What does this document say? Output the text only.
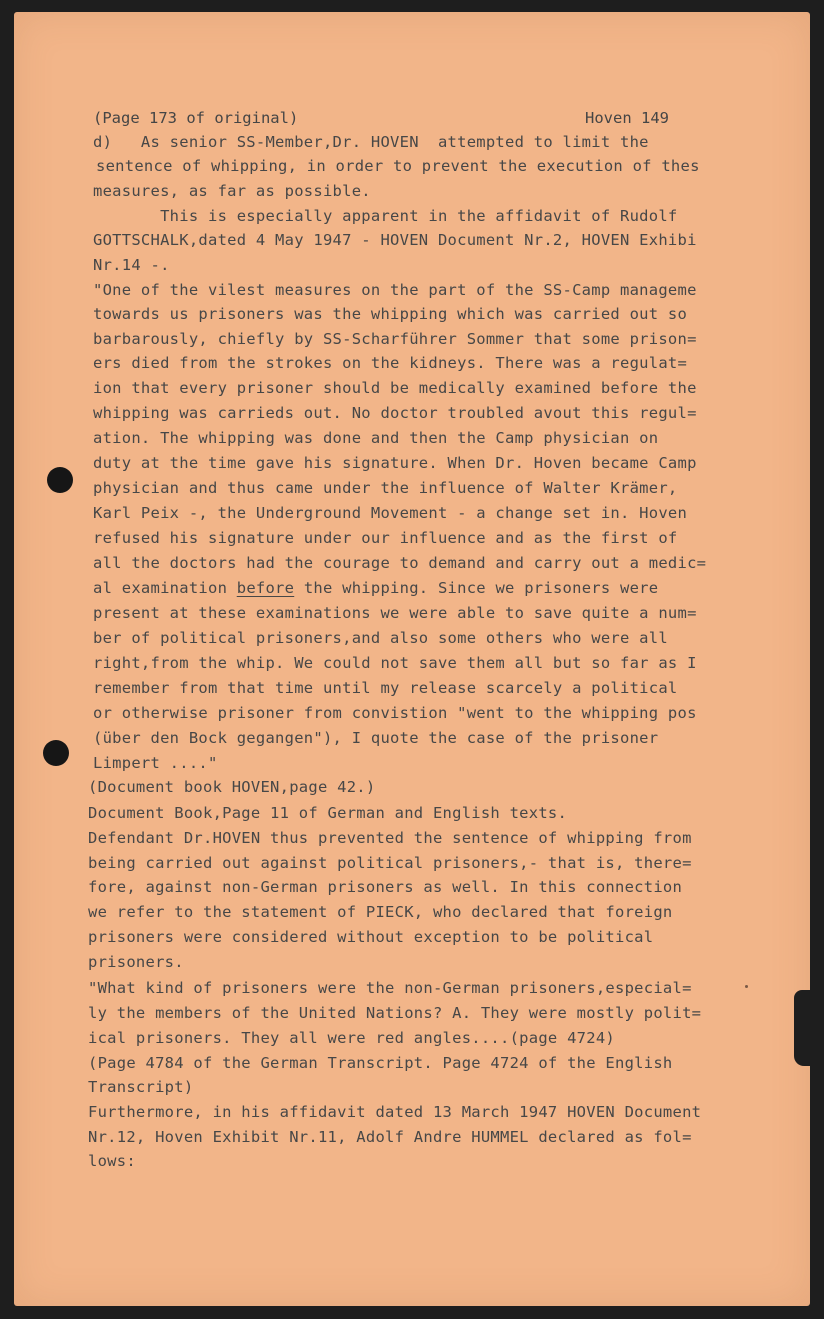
(Page 173 of original)	Hoven 149
d)   As senior SS-Member,Dr. HOVEN  attempted to limit the
sentence of whipping, in order to prevent the execution of thes
measures, as far as possible.
This is especially apparent in the affidavit of Rudolf
GOTTSCHALK,dated 4 May 1947 - HOVEN Document Nr.2, HOVEN Exhibi
Nr.14 -.
"One of the vilest measures on the part of the SS-Camp manageme
towards us prisoners was the whipping which was carried out so
barbarously, chiefly by SS-Scharführer Sommer that some prison=
ers died from the strokes on the kidneys. There was a regulat=
ion that every prisoner should be medically examined before the
whipping was carrieds out. No doctor troubled avout this regul=
ation. The whipping was done and then the Camp physician on
duty at the time gave his signature. When Dr. Hoven became Camp
physician and thus came under the influence of Walter Krämer,
Karl Peix -, the Underground Movement - a change set in. Hoven
refused his signature under our influence and as the first of
all the doctors had the courage to demand and carry out a medic=
al examination before the whipping. Since we prisoners were
present at these examinations we were able to save quite a num=
ber of political prisoners,and also some others who were all
right,from the whip. We could not save them all but so far as I
remember from that time until my release scarcely a political
or otherwise prisoner from convistion "went to the whipping pos
(über den Bock gegangen"), I quote the case of the prisoner
Limpert ...."
(Document book HOVEN,page 42.)
Document Book,Page 11 of German and English texts.
Defendant Dr.HOVEN thus prevented the sentence of whipping from
being carried out against political prisoners,- that is, there=
fore, against non-German prisoners as well. In this connection
we refer to the statement of PIECK, who declared that foreign
prisoners were considered without exception to be political
prisoners.
"What kind of prisoners were the non-German prisoners,especial=
ly the members of the United Nations? A. They were mostly polit=
ical prisoners. They all were red angles....(page 4724)
(Page 4784 of the German Transcript. Page 4724 of the English
Transcript)
Furthermore, in his affidavit dated 13 March 1947 HOVEN Document
Nr.12, Hoven Exhibit Nr.11, Adolf Andre HUMMEL declared as fol=
lows:
